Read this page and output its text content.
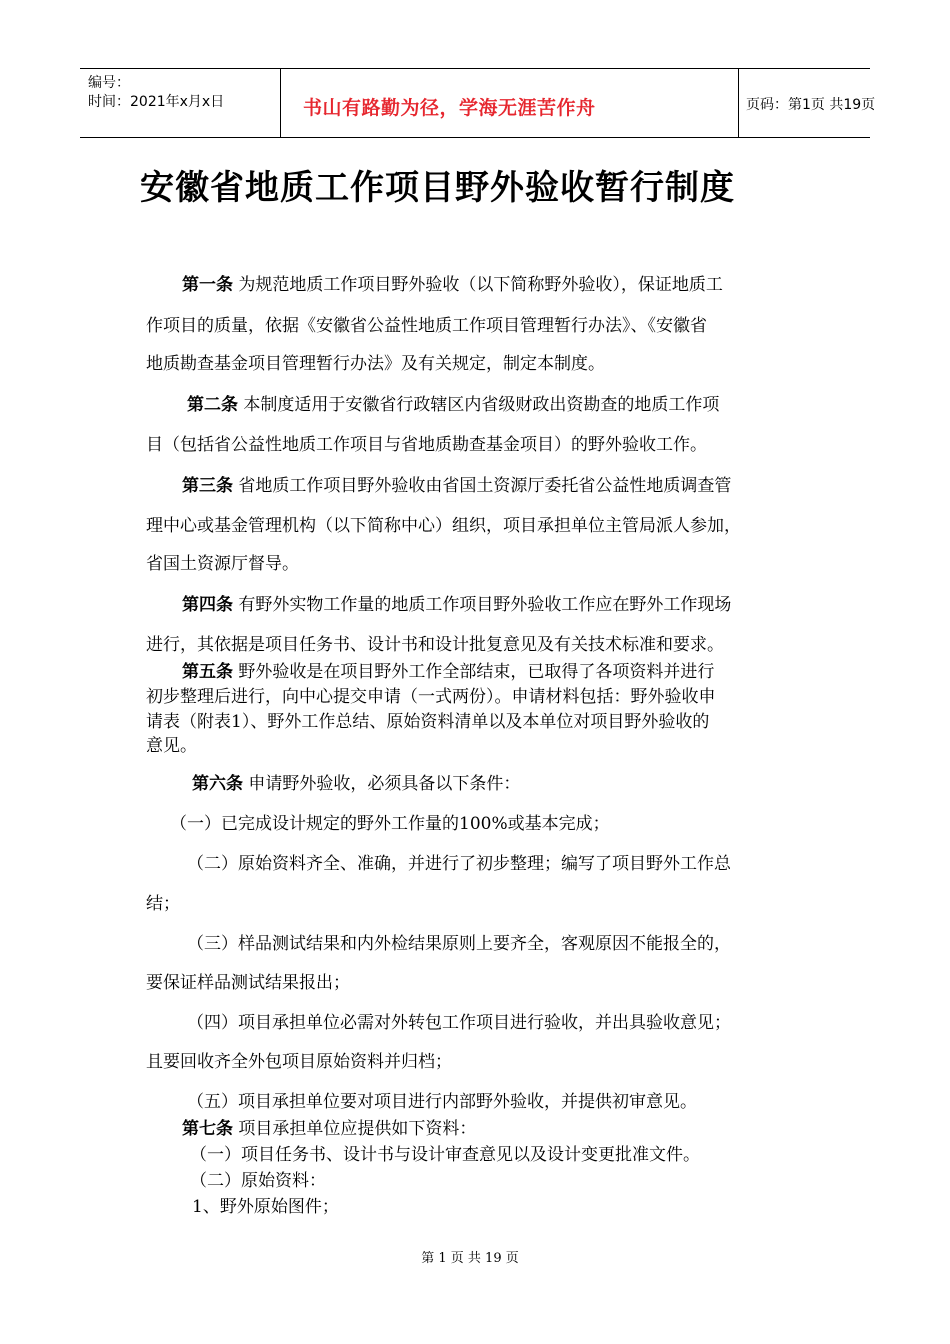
编号：
时间：2021年x月x日	书山有路勤为径，学海无涯苦作舟	页码：第1页 共19页
安徽省地质工作项目野外验收暂行制度
第一条 为规范地质工作项目野外验收（以下简称野外验收），保证地质工
作项目的质量，依据《安徽省公益性地质工作项目管理暂行办法》、《安徽省
地质勘查基金项目管理暂行办法》及有关规定，制定本制度。
第二条 本制度适用于安徽省行政辖区内省级财政出资勘查的地质工作项
目（包括省公益性地质工作项目与省地质勘查基金项目）的野外验收工作。
第三条 省地质工作项目野外验收由省国土资源厅委托省公益性地质调查管
理中心或基金管理机构（以下简称中心）组织，项目承担单位主管局派人参加，
省国土资源厅督导。
第四条 有野外实物工作量的地质工作项目野外验收工作应在野外工作现场
进行，其依据是项目任务书、设计书和设计批复意见及有关技术标准和要求。
第五条 野外验收是在项目野外工作全部结束，已取得了各项资料并进行
初步整理后进行，向中心提交申请（一式两份）。申请材料包括：野外验收申
请表（附表1）、野外工作总结、原始资料清单以及本单位对项目野外验收的
意见。
第六条 申请野外验收，必须具备以下条件：
（一）已完成设计规定的野外工作量的100%或基本完成；
（二）原始资料齐全、准确，并进行了初步整理；编写了项目野外工作总
结；
（三）样品测试结果和内外检结果原则上要齐全，客观原因不能报全的，
要保证样品测试结果报出；
（四）项目承担单位必需对外转包工作项目进行验收，并出具验收意见；
且要回收齐全外包项目原始资料并归档；
（五）项目承担单位要对项目进行内部野外验收，并提供初审意见。
第七条 项目承担单位应提供如下资料：
（一）项目任务书、设计书与设计审查意见以及设计变更批准文件。
（二）原始资料：
1、野外原始图件；
第 1 页 共 19 页
